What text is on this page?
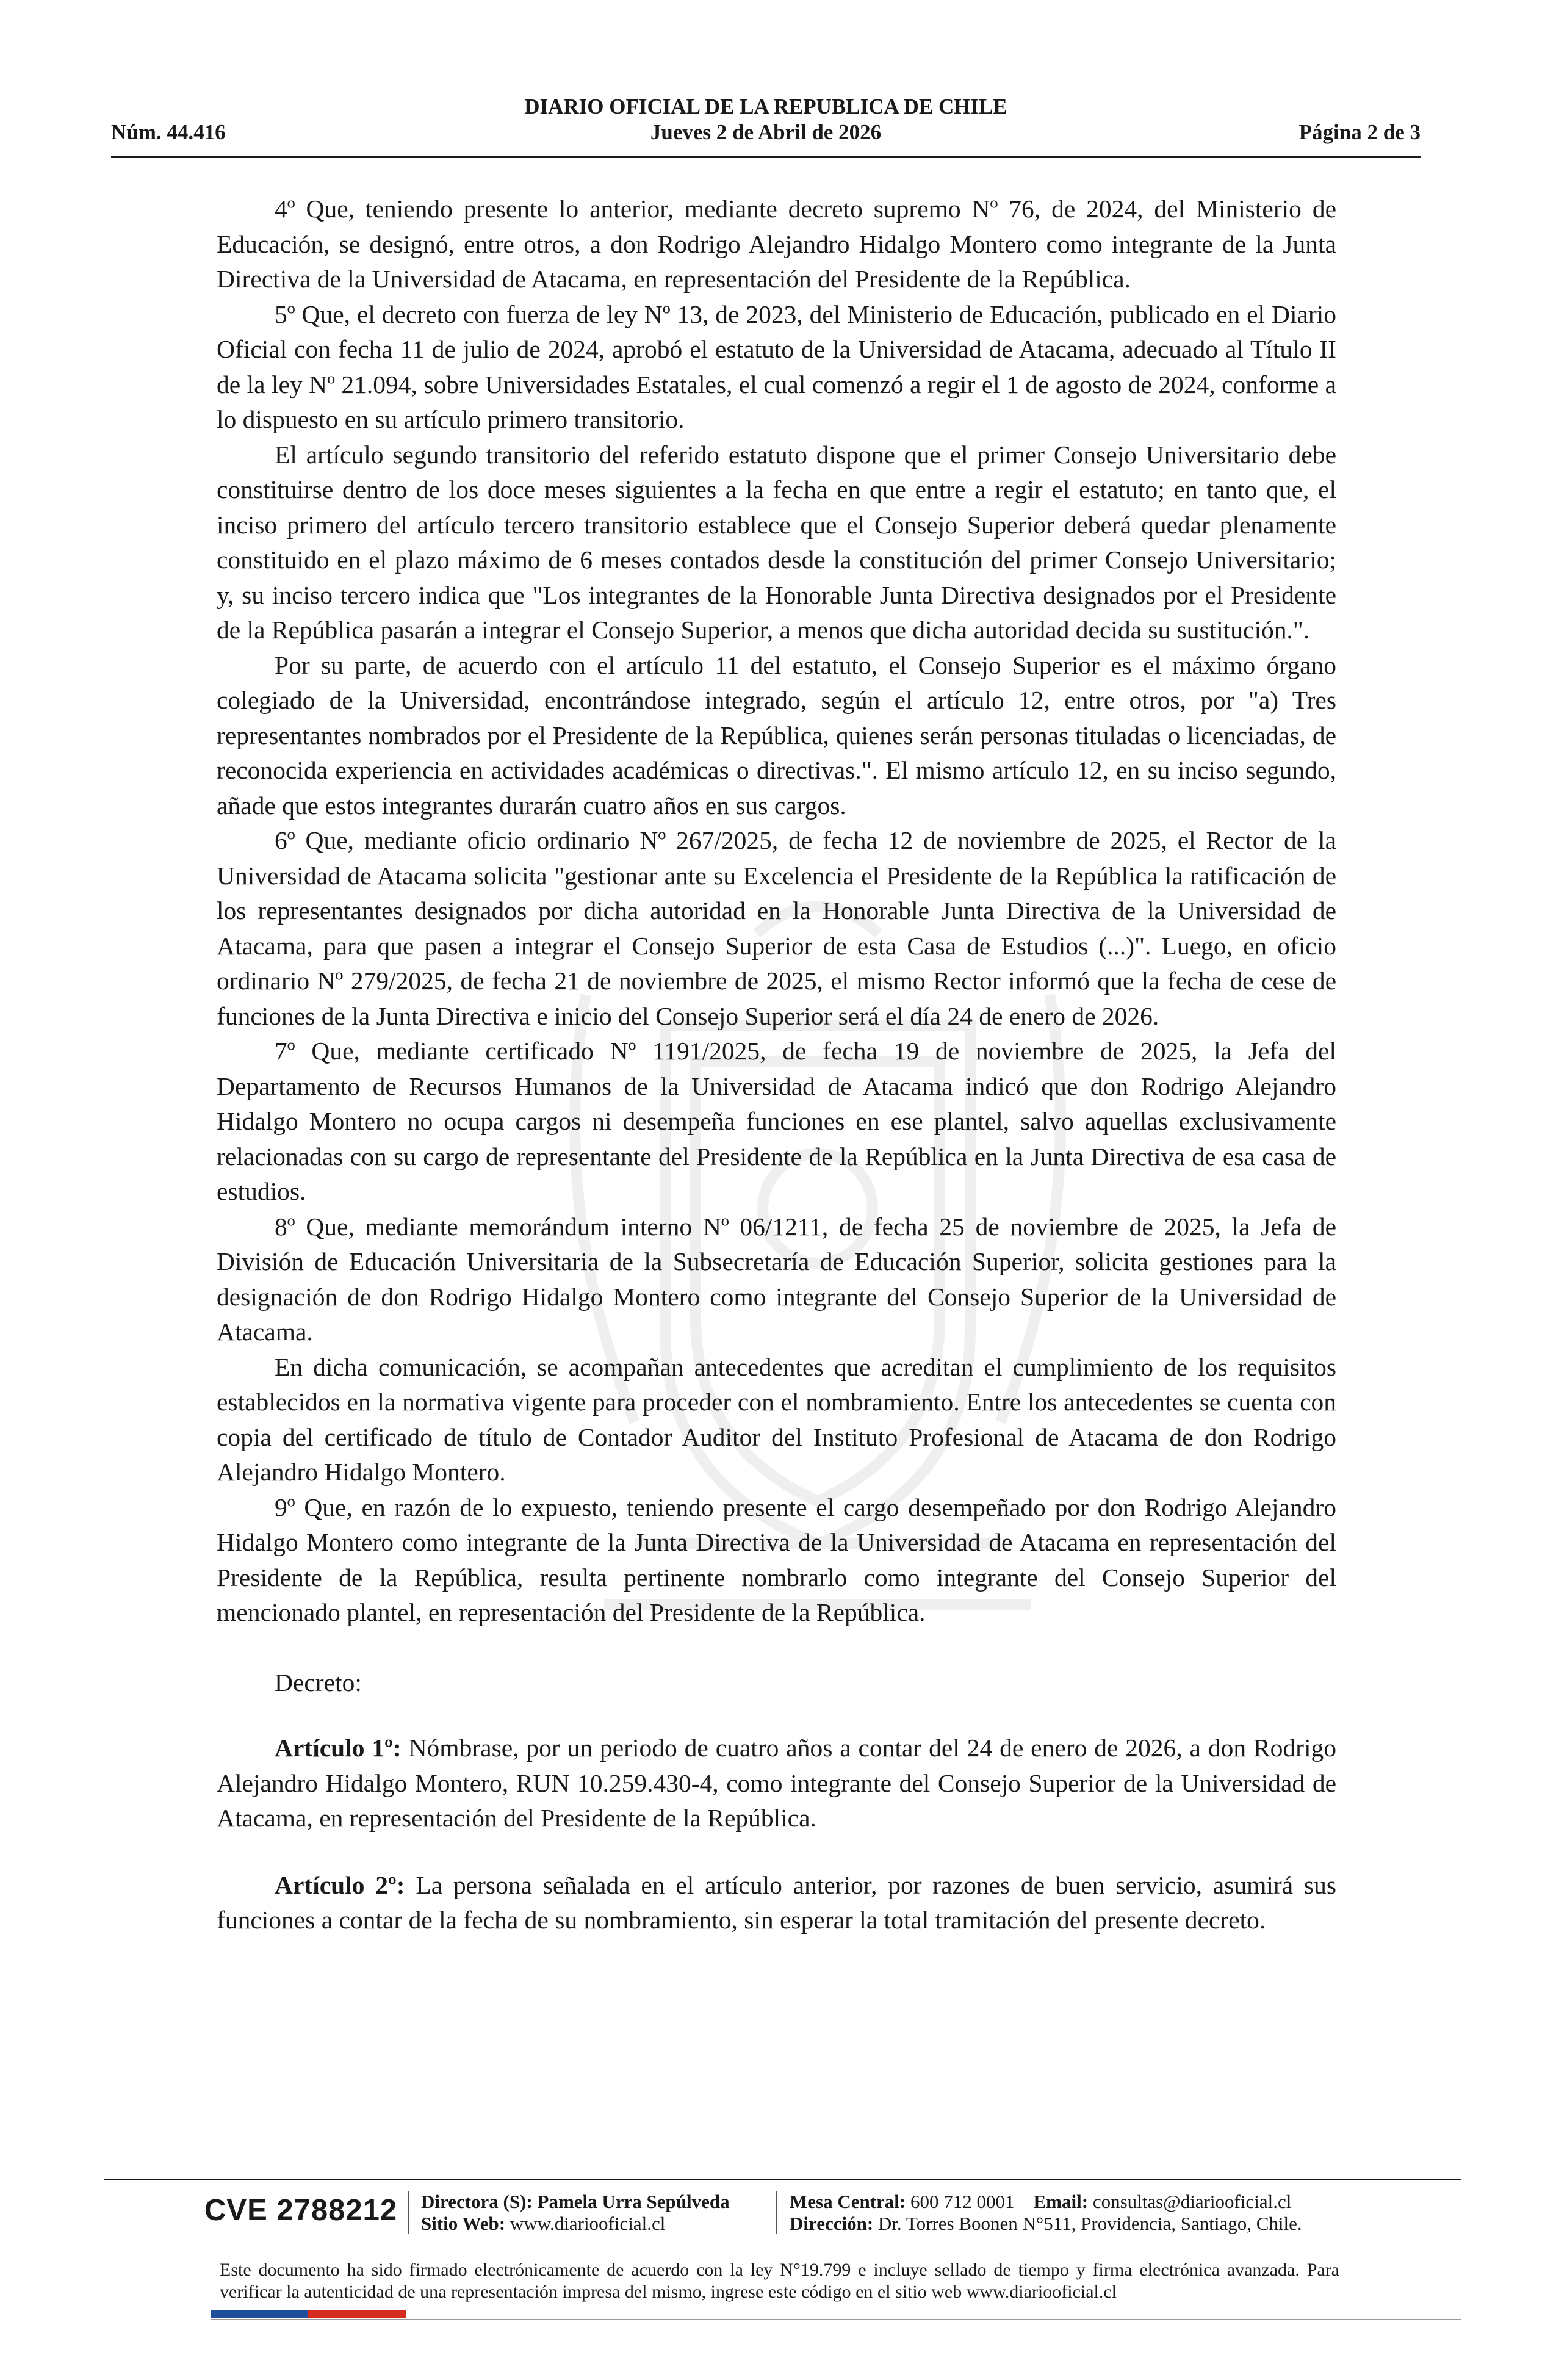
DIARIO OFICIAL DE LA REPUBLICA DE CHILE
Núm. 44.416	Jueves 2 de Abril de 2026	Página 2 de 3

4º Que, teniendo presente lo anterior, mediante decreto supremo Nº 76, de 2024, del Ministerio de Educación, se designó, entre otros, a don Rodrigo Alejandro Hidalgo Montero como integrante de la Junta Directiva de la Universidad de Atacama, en representación del Presidente de la República.

5º Que, el decreto con fuerza de ley Nº 13, de 2023, del Ministerio de Educación, publicado en el Diario Oficial con fecha 11 de julio de 2024, aprobó el estatuto de la Universidad de Atacama, adecuado al Título II de la ley Nº 21.094, sobre Universidades Estatales, el cual comenzó a regir el 1 de agosto de 2024, conforme a lo dispuesto en su artículo primero transitorio.

El artículo segundo transitorio del referido estatuto dispone que el primer Consejo Universitario debe constituirse dentro de los doce meses siguientes a la fecha en que entre a regir el estatuto; en tanto que, el inciso primero del artículo tercero transitorio establece que el Consejo Superior deberá quedar plenamente constituido en el plazo máximo de 6 meses contados desde la constitución del primer Consejo Universitario; y, su inciso tercero indica que "Los integrantes de la Honorable Junta Directiva designados por el Presidente de la República pasarán a integrar el Consejo Superior, a menos que dicha autoridad decida su sustitución.".

Por su parte, de acuerdo con el artículo 11 del estatuto, el Consejo Superior es el máximo órgano colegiado de la Universidad, encontrándose integrado, según el artículo 12, entre otros, por "a) Tres representantes nombrados por el Presidente de la República, quienes serán personas tituladas o licenciadas, de reconocida experiencia en actividades académicas o directivas.". El mismo artículo 12, en su inciso segundo, añade que estos integrantes durarán cuatro años en sus cargos.

6º Que, mediante oficio ordinario Nº 267/2025, de fecha 12 de noviembre de 2025, el Rector de la Universidad de Atacama solicita "gestionar ante su Excelencia el Presidente de la República la ratificación de los representantes designados por dicha autoridad en la Honorable Junta Directiva de la Universidad de Atacama, para que pasen a integrar el Consejo Superior de esta Casa de Estudios (...)". Luego, en oficio ordinario Nº 279/2025, de fecha 21 de noviembre de 2025, el mismo Rector informó que la fecha de cese de funciones de la Junta Directiva e inicio del Consejo Superior será el día 24 de enero de 2026.

7º Que, mediante certificado Nº 1191/2025, de fecha 19 de noviembre de 2025, la Jefa del Departamento de Recursos Humanos de la Universidad de Atacama indicó que don Rodrigo Alejandro Hidalgo Montero no ocupa cargos ni desempeña funciones en ese plantel, salvo aquellas exclusivamente relacionadas con su cargo de representante del Presidente de la República en la Junta Directiva de esa casa de estudios.

8º Que, mediante memorándum interno Nº 06/1211, de fecha 25 de noviembre de 2025, la Jefa de División de Educación Universitaria de la Subsecretaría de Educación Superior, solicita gestiones para la designación de don Rodrigo Hidalgo Montero como integrante del Consejo Superior de la Universidad de Atacama.

En dicha comunicación, se acompañan antecedentes que acreditan el cumplimiento de los requisitos establecidos en la normativa vigente para proceder con el nombramiento. Entre los antecedentes se cuenta con copia del certificado de título de Contador Auditor del Instituto Profesional de Atacama de don Rodrigo Alejandro Hidalgo Montero.

9º Que, en razón de lo expuesto, teniendo presente el cargo desempeñado por don Rodrigo Alejandro Hidalgo Montero como integrante de la Junta Directiva de la Universidad de Atacama en representación del Presidente de la República, resulta pertinente nombrarlo como integrante del Consejo Superior del mencionado plantel, en representación del Presidente de la República.

Decreto:

Artículo 1º: Nómbrase, por un periodo de cuatro años a contar del 24 de enero de 2026, a don Rodrigo Alejandro Hidalgo Montero, RUN 10.259.430-4, como integrante del Consejo Superior de la Universidad de Atacama, en representación del Presidente de la República.

Artículo 2º: La persona señalada en el artículo anterior, por razones de buen servicio, asumirá sus funciones a contar de la fecha de su nombramiento, sin esperar la total tramitación del presente decreto.

CVE 2788212 Directora (S): Pamela Urra Sepúlveda
Sitio Web: www.diariooficial.cl
Mesa Central: 600 712 0001 Email: consultas@diariooficial.cl
Dirección: Dr. Torres Boonen N°511, Providencia, Santiago, Chile.
Este documento ha sido firmado electrónicamente de acuerdo con la ley N°19.799 e incluye sellado de tiempo y firma electrónica avanzada. Para verificar la autenticidad de una representación impresa del mismo, ingrese este código en el sitio web www.diariooficial.cl
